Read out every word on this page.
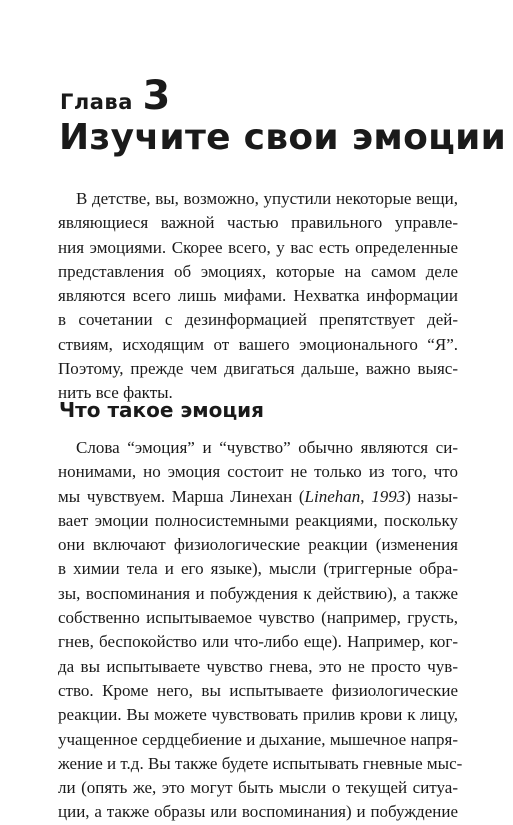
Глава 3
Изучите свои эмоции
В детстве, вы, возможно, упустили некоторые вещи,
являющиеся важной частью правильного управле-
ния эмоциями. Скорее всего, у вас есть определенные
представления об эмоциях, которые на самом деле
являются всего лишь мифами. Нехватка информации
в сочетании с дезинформацией препятствует дей-
ствиям, исходящим от вашего эмоционального “Я”.
Поэтому, прежде чем двигаться дальше, важно выяс-
нить все факты.
Что такое эмоция
Слова “эмоция” и “чувство” обычно являются си-
нонимами, но эмоция состоит не только из того, что
мы чувствуем. Марша Линехан (Linehan, 1993) назы-
вает эмоции полносистемными реакциями, поскольку
они включают физиологические реакции (изменения
в химии тела и его языке), мысли (триггерные обра-
зы, воспоминания и побуждения к действию), а также
собственно испытываемое чувство (например, грусть,
гнев, беспокойство или что-либо еще). Например, ког-
да вы испытываете чувство гнева, это не просто чув-
ство. Кроме него, вы испытываете физиологические
реакции. Вы можете чувствовать прилив крови к лицу,
учащенное сердцебиение и дыхание, мышечное напря-
жение и т.д. Вы также будете испытывать гневные мыс-
ли (опять же, это могут быть мысли о текущей ситуа-
ции, а также образы или воспоминания) и побуждение
